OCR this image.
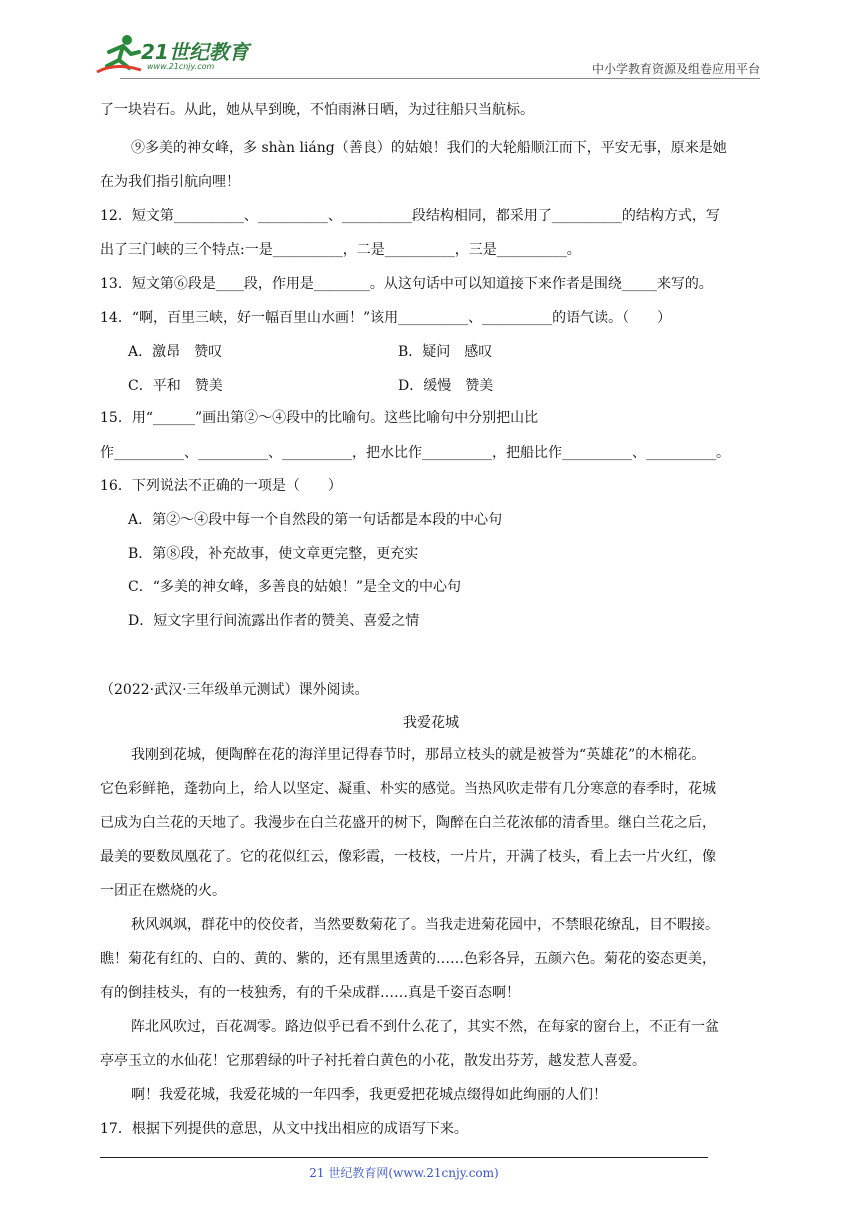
21世纪教育
www.21cnjy.com	中小学教育资源及组卷应用平台
了一块岩石。从此，她从早到晚，不怕雨淋日晒，为过往船只当航标。
⑨多美的神女峰，多 shàn liáng（善良）的姑娘！我们的大轮船顺江而下，平安无事，原来是她
在为我们指引航向哩！
12．短文第__________、__________、__________段结构相同，都采用了__________的结构方式，写
出了三门峡的三个特点:一是__________，二是__________，三是__________。
13．短文第⑥段是____段，作用是________。从这句话中可以知道接下来作者是围绕_____来写的。
14．“啊，百里三峡，好一幅百里山水画！”该用__________、__________的语气读。（　　）
A．激昂　赞叹	B．疑问　感叹
C．平和　赞美	D．缓慢　赞美
15．用“______”画出第②～④段中的比喻句。这些比喻句中分别把山比
作__________、__________、__________，把水比作__________，把船比作__________、__________。
16．下列说法不正确的一项是（　　）
A．第②～④段中每一个自然段的第一句话都是本段的中心句
B．第⑧段，补充故事，使文章更完整，更充实
C．“多美的神女峰，多善良的姑娘！”是全文的中心句
D．短文字里行间流露出作者的赞美、喜爱之情
（2022·武汉·三年级单元测试）课外阅读。
我爱花城
我刚到花城，便陶醉在花的海洋里记得春节时，那昂立枝头的就是被誉为“英雄花”的木棉花。
它色彩鲜艳，蓬勃向上，给人以坚定、凝重、朴实的感觉。当热风吹走带有几分寒意的春季时，花城
已成为白兰花的天地了。我漫步在白兰花盛开的树下，陶醉在白兰花浓郁的清香里。继白兰花之后，
最美的要数凤凰花了。它的花似红云，像彩霞，一枝枝，一片片，开满了枝头，看上去一片火红，像
一团正在燃烧的火。
秋风飒飒，群花中的佼佼者，当然要数菊花了。当我走进菊花园中，不禁眼花缭乱，目不暇接。
瞧！菊花有红的、白的、黄的、紫的，还有黑里透黄的……色彩各异，五颜六色。菊花的姿态更美，
有的倒挂枝头，有的一枝独秀，有的千朵成群……真是千姿百态啊！
阵北风吹过，百花凋零。路边似乎已看不到什么花了，其实不然，在每家的窗台上，不正有一盆
亭亭玉立的水仙花！它那碧绿的叶子衬托着白黄色的小花，散发出芬芳，越发惹人喜爱。
啊！我爱花城，我爱花城的一年四季，我更爱把花城点缀得如此绚丽的人们！
17．根据下列提供的意思，从文中找出相应的成语写下来。
21 世纪教育网(www.21cnjy.com)
